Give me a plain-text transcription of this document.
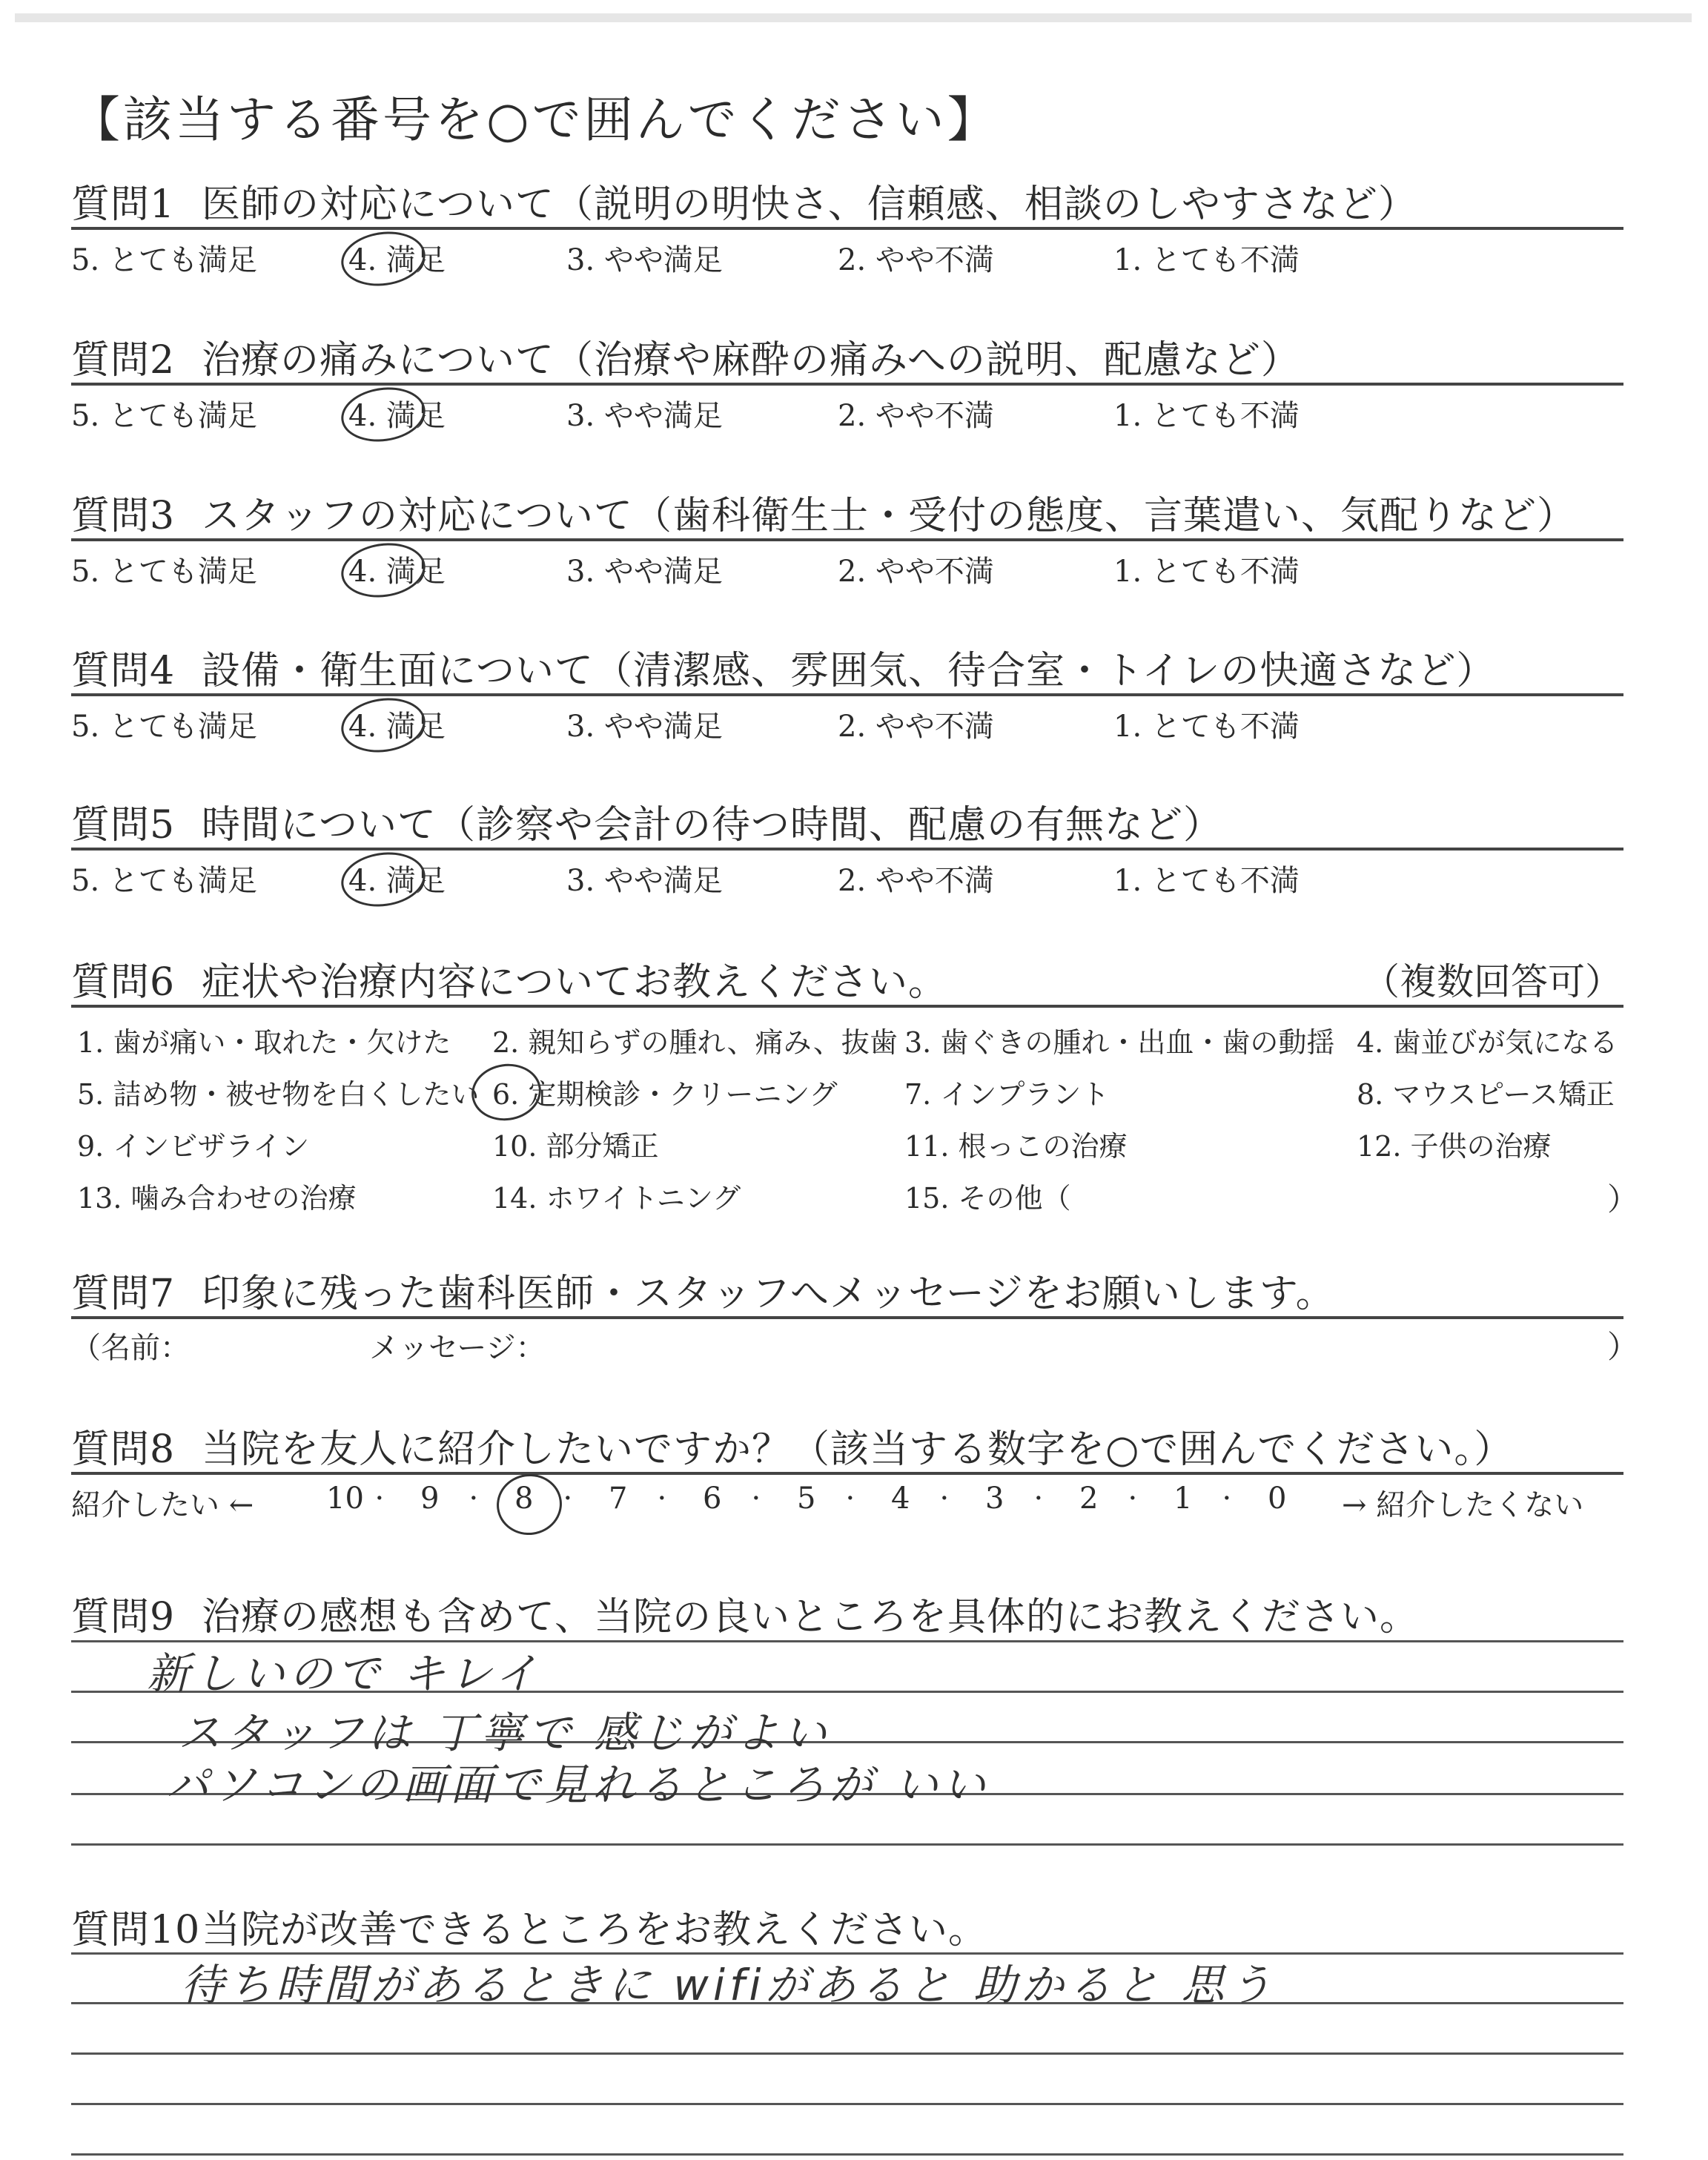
【該当する番号を○で囲んでください】
質問1 医師の対応について（説明の明快さ、信頼感、相談のしやすさなど）
5. とても満足	4. 満足	3. やや満足	2. やや不満	1. とても不満
質問2 治療の痛みについて（治療や麻酔の痛みへの説明、配慮など）
5. とても満足	4. 満足	3. やや満足	2. やや不満	1. とても不満
質問3 スタッフの対応について（歯科衛生士・受付の態度、言葉遣い、気配りなど）
5. とても満足	4. 満足	3. やや満足	2. やや不満	1. とても不満
質問4 設備・衛生面について（清潔感、雰囲気、待合室・トイレの快適さなど）
5. とても満足	4. 満足	3. やや満足	2. やや不満	1. とても不満
質問5 時間について（診察や会計の待つ時間、配慮の有無など）
5. とても満足	4. 満足	3. やや満足	2. やや不満	1. とても不満
質問6 症状や治療内容についてお教えください。	（複数回答可）
1. 歯が痛い・取れた・欠けた 2. 親知らずの腫れ、痛み、抜歯 3. 歯ぐきの腫れ・出血・歯の動揺 4. 歯並びが気になる
5. 詰め物・被せ物を白くしたい 6. 定期検診・クリーニング 7. インプラント	8. マウスピース矯正
9. インビザライン	10. 部分矯正	11. 根っこの治療	12. 子供の治療
13. 噛み合わせの治療	14. ホワイトニング	15. その他（	）
質問7 印象に残った歯科医師・スタッフへメッセージをお願いします。
（名前：	メッセージ：	）
質問8 当院を友人に紹介したいですか？（該当する数字を○で囲んでください。）
紹介したい ← 10 · 9 · 8 · 7 · 6 · 5 · 4 · 3 · 2 · 1 · 0 → 紹介したくない
質問9 治療の感想も含めて、当院の良いところを具体的にお教えください。
新しいので キレイ
スタッフは 丁寧で 感じがよい
パソコンの画面で見れるところが いい
質問10当院が改善できるところをお教えください。
待ち時間があるときに wifiがあると 助かると 思う
